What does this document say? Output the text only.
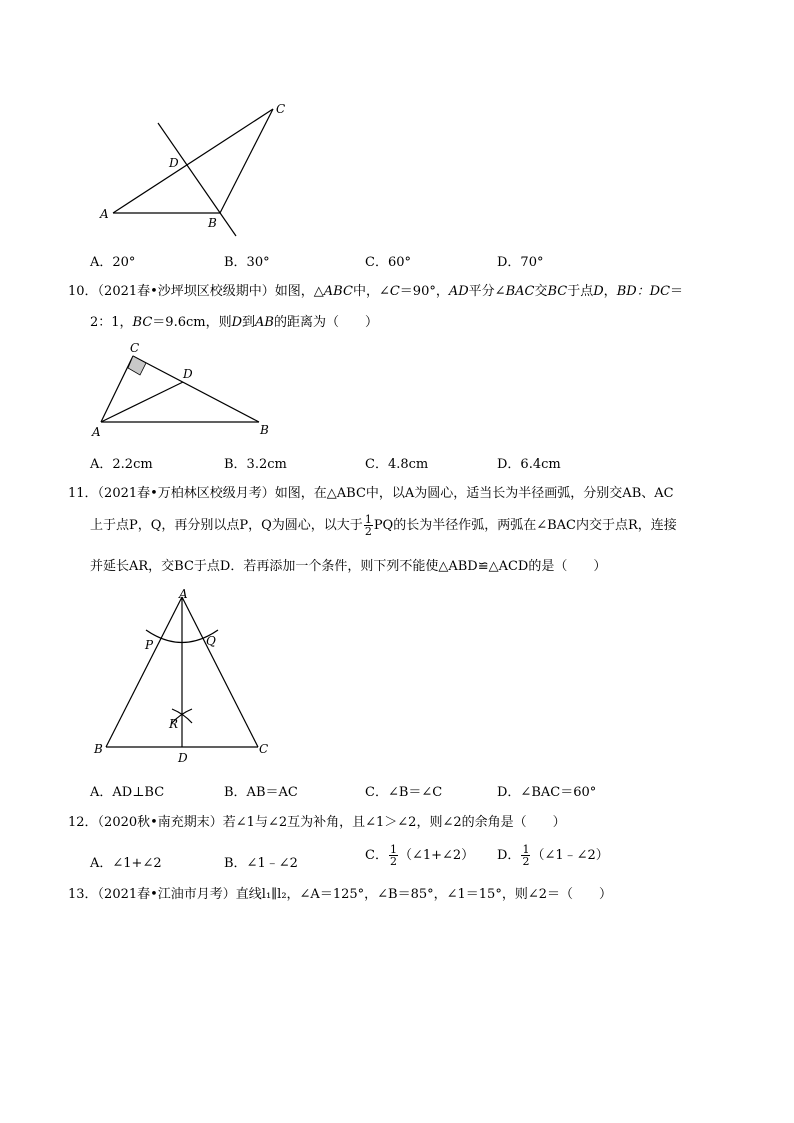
A
B
C
D
A．20°	B．30°	C．60°	D．70°
10．（2021春•沙坪坝区校级期中）如图，△ABC中，∠C＝90°，AD平分∠BAC交BC于点D，BD：DC＝
2：1，BC＝9.6cm，则D到AB的距离为（　　）
C
D
A	B
A．2.2cm	B．3.2cm	C．4.8cm	D．6.4cm
11．（2021春•万柏林区校级月考）如图，在△ABC中，以A为圆心，适当长为半径画弧，分别交AB、AC
上于点P，Q，再分别以点P，Q为圆心，以大于 $\frac{1}{2}$ PQ的长为半径作弧，两弧在∠BAC内交于点R，连接
并延长AR，交BC于点D．若再添加一个条件，则下列不能使△ABD≌△ACD的是（　　）
A
P	Q
R
B	C
D
A．AD⊥BC	B．AB＝AC	C．∠B＝∠C	D．∠BAC＝60°
12．（2020秋•南充期末）若∠1与∠2互为补角，且∠1＞∠2，则∠2的余角是（　　）
A．∠1+∠2	B．∠1﹣∠2
C． $\frac{1}{2}$ （∠1+∠2） D． $\frac{1}{2}$ （∠1﹣∠2）
13．（2021春•江油市月考）直线l₁∥l₂，∠A＝125°，∠B＝85°，∠1＝15°，则∠2＝（　　）
